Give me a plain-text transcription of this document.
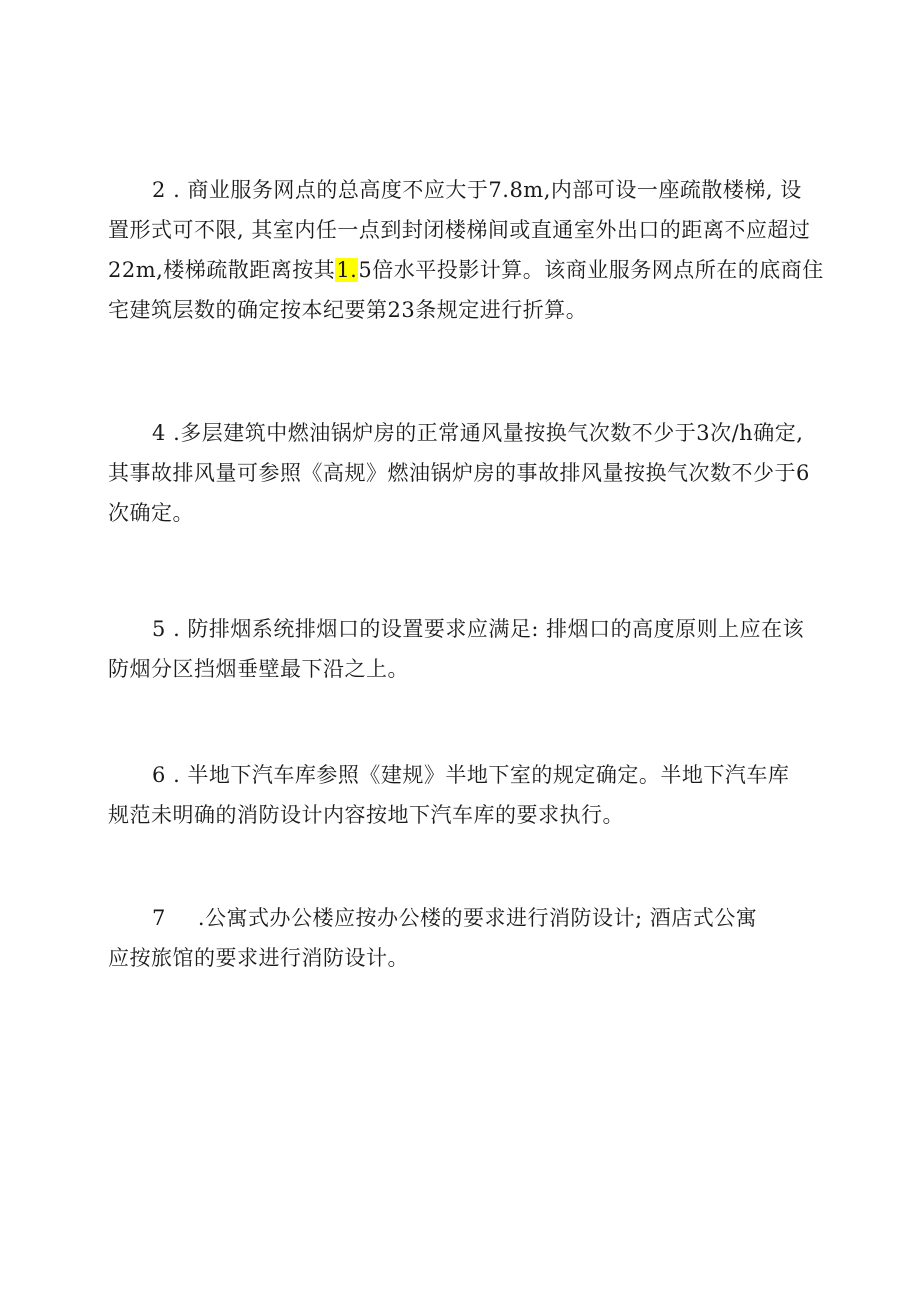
2 . 商业服务网点的总高度不应大于7.8m,内部可设一座疏散楼梯, 设
置形式可不限, 其室内任一点到封闭楼梯间或直通室外出口的距离不应超过
22m,楼梯疏散距离按其1.5倍水平投影计算。该商业服务网点所在的底商住
宅建筑层数的确定按本纪要第23条规定进行折算。
4 .多层建筑中燃油锅炉房的正常通风量按换气次数不少于3次/h确定,
其事故排风量可参照《高规》燃油锅炉房的事故排风量按换气次数不少于6
次确定。
5 . 防排烟系统排烟口的设置要求应满足: 排烟口的高度原则上应在该
防烟分区挡烟垂壁最下沿之上。
6 . 半地下汽车库参照《建规》半地下室的规定确定。半地下汽车库
规范未明确的消防设计内容按地下汽车库的要求执行。
7 .公寓式办公楼应按办公楼的要求进行消防设计; 酒店式公寓
应按旅馆的要求进行消防设计。
